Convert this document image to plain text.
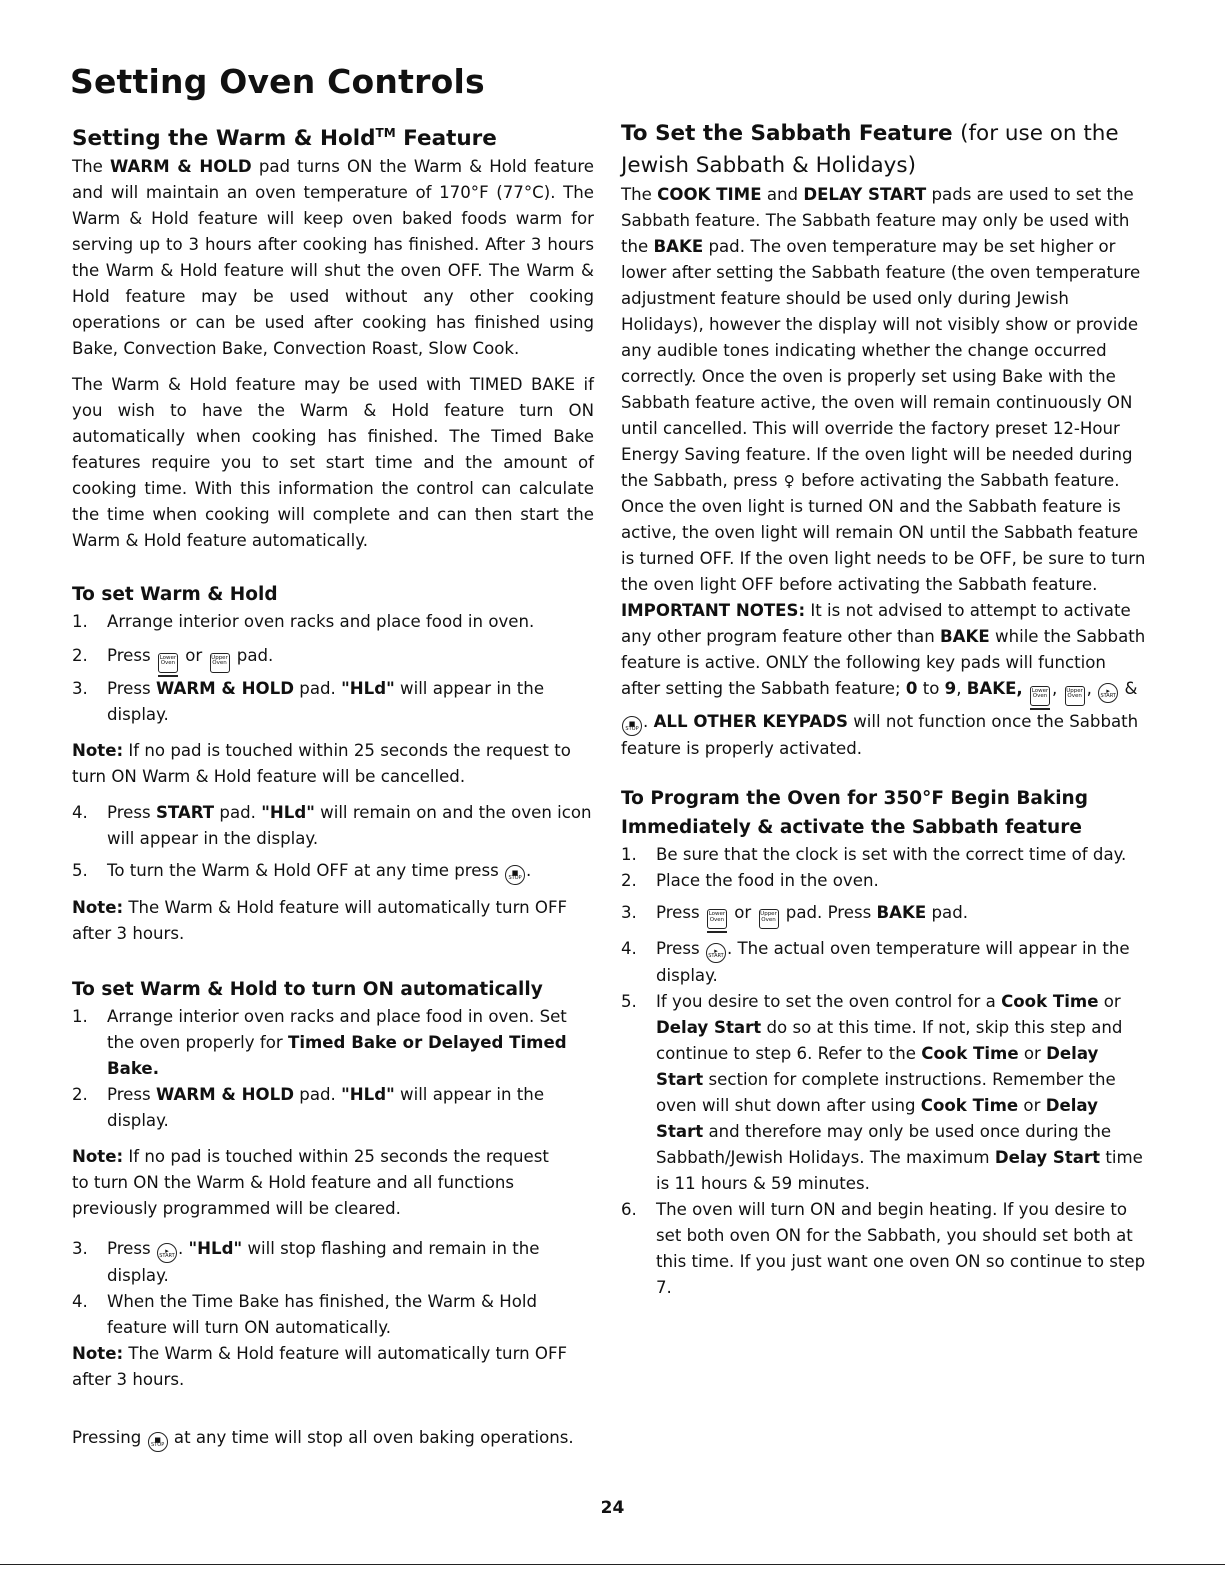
Setting Oven Controls
Setting the Warm & Hold™ Feature

The WARM & HOLD pad turns ON the Warm & Hold feature and will maintain an oven temperature of 170°F (77°C). The Warm & Hold feature will keep oven baked foods warm for serving up to 3 hours after cooking has finished. After 3 hours the Warm & Hold feature will shut the oven OFF. The Warm & Hold feature may be used without any other cooking operations or can be used after cooking has finished using Bake, Convection Bake, Convection Roast, Slow Cook.

The Warm & Hold feature may be used with TIMED BAKE if you wish to have the Warm & Hold feature turn ON automatically when cooking has finished. The Timed Bake features require you to set start time and the amount of cooking time. With this information the control can calculate the time when cooking will complete and can then start the Warm & Hold feature automatically.

To set Warm & Hold
1. Arrange interior oven racks and place food in oven.
2. Press Lower
Oven or Upper
Oven pad.
3. Press WARM & HOLD pad. "HLd" will appear in the display.

Note: If no pad is touched within 25 seconds the request to turn ON Warm & Hold feature will be cancelled.

4. Press START pad. "HLd" will remain on and the oven icon will appear in the display.
5. To turn the Warm & Hold OFF at any time press	■
STOP .

Note: The Warm & Hold feature will automatically turn OFF after 3 hours.

To set Warm & Hold to turn ON automatically
1. Arrange interior oven racks and place food in oven. Set the oven properly for Timed Bake or Delayed Timed Bake.
2. Press WARM & HOLD pad. "HLd" will appear in the display.

Note: If no pad is touched within 25 seconds the request to turn ON the Warm & Hold feature and all functions previously programmed will be cleared.

3. Press	▸
START . "HLd" will stop flashing and remain in the display.
4. When the Time Bake has finished, the Warm & Hold feature will turn ON automatically.

Note: The Warm & Hold feature will automatically turn OFF after 3 hours.

Pressing	■
STOP at any time will stop all oven baking operations.

To Set the Sabbath Feature (for use on the Jewish Sabbath & Holidays)

The COOK TIME and DELAY START pads are used to set the Sabbath feature. The Sabbath feature may only be used with the BAKE pad. The oven temperature may be set higher or lower after setting the Sabbath feature (the oven temperature adjustment feature should be used only during Jewish Holidays), however the display will not visibly show or provide any audible tones indicating whether the change occurred correctly. Once the oven is properly set using Bake with the Sabbath feature active, the oven will remain continuously ON until cancelled. This will override the factory preset 12-Hour Energy Saving feature. If the oven light will be needed during the Sabbath, press ♀ before activating the Sabbath feature. Once the oven light is turned ON and the Sabbath feature is active, the oven light will remain ON until the Sabbath feature is turned OFF. If the oven light needs to be OFF, be sure to turn the oven light OFF before activating the Sabbath feature. IMPORTANT NOTES: It is not advised to attempt to activate any other program feature other than BAKE while the Sabbath feature is active. ONLY the following key pads will function after setting the Sabbath feature; 0 to 9, BAKE, Lower
Oven , Upper
Oven ,	▸
START &
■
STOP . ALL OTHER KEYPADS will not function once the Sabbath feature is properly activated.

To Program the Oven for 350°F Begin Baking Immediately & activate the Sabbath feature
1. Be sure that the clock is set with the correct time of day.
2. Place the food in the oven.
3. Press Lower
Oven or Upper
Oven pad. Press BAKE pad.
4. Press	▸
START . The actual oven temperature will appear in the display.
5. If you desire to set the oven control for a Cook Time or Delay Start do so at this time. If not, skip this step and continue to step 6. Refer to the Cook Time or Delay Start section for complete instructions. Remember the oven will shut down after using Cook Time or Delay Start and therefore may only be used once during the Sabbath/Jewish Holidays. The maximum Delay Start time is 11 hours & 59 minutes.
6. The oven will turn ON and begin heating. If you desire to set both oven ON for the Sabbath, you should set both at this time. If you just want one oven ON so continue to step 7.
24
